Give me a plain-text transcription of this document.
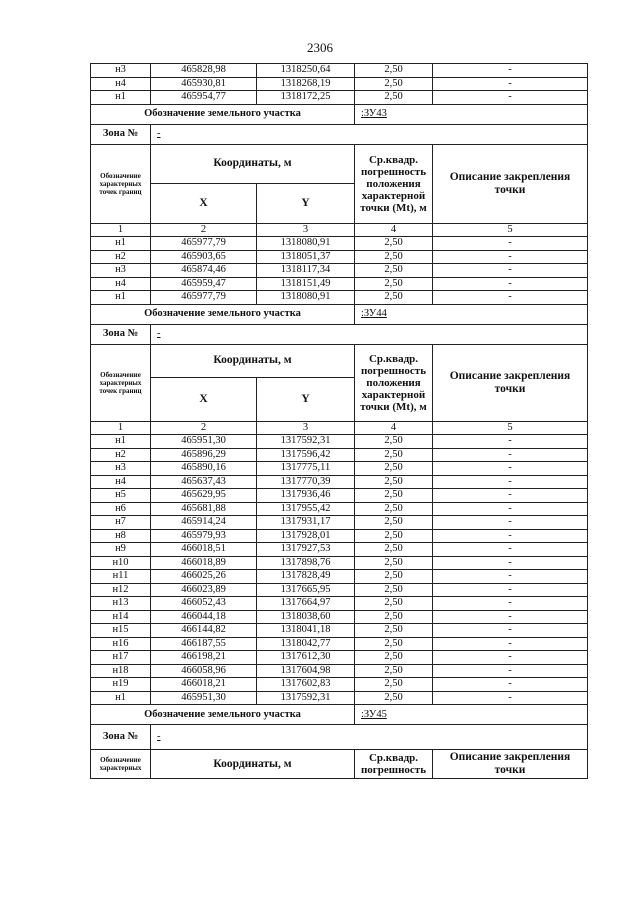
2306
н3	465828,98	1318250,64	2,50	-
н4	465930,81	1318268,19	2,50	-
н1	465954,77	1318172,25	2,50	-
Обозначение земельного участка			:ЗУ43	
Зона №	-			
Обозначение характерных точек границ	Координаты, м		Ср.квадр. погрешность положения характерной точки (Мt), м	Описание закрепления точки
	X	Y		
1	2	3	4	5
н1	465977,79	1318080,91	2,50	-
н2	465903,65	1318051,37	2,50	-
н3	465874,46	1318117,34	2,50	-
н4	465959,47	1318151,49	2,50	-
н1	465977,79	1318080,91	2,50	-
Обозначение земельного участка			:ЗУ44	
Зона №	-			
Обозначение характерных точек границ	Координаты, м		Ср.квадр. погрешность положения характерной точки (Мt), м	Описание закрепления точки
	X	Y		
1	2	3	4	5
н1	465951,30	1317592,31	2,50	-
н2	465896,29	1317596,42	2,50	-
н3	465890,16	1317775,11	2,50	-
н4	465637,43	1317770,39	2,50	-
н5	465629,95	1317936,46	2,50	-
н6	465681,88	1317955,42	2,50	-
н7	465914,24	1317931,17	2,50	-
н8	465979,93	1317928,01	2,50	-
н9	466018,51	1317927,53	2,50	-
н10	466018,89	1317898,76	2,50	-
н11	466025,26	1317828,49	2,50	-
н12	466023,89	1317665,95	2,50	-
н13	466052,43	1317664,97	2,50	-
н14	466044,18	1318038,60	2,50	-
н15	466144,82	1318041,18	2,50	-
н16	466187,55	1318042,77	2,50	-
н17	466198,21	1317612,30	2,50	-
н18	466058,96	1317604,98	2,50	-
н19	466018,21	1317602,83	2,50	-
н1	465951,30	1317592,31	2,50	-
Обозначение земельного участка			:ЗУ45	
Зона №	-			
Обозначение характерных	Координаты, м		Ср.квадр. погрешность	Описание закрепления точки
